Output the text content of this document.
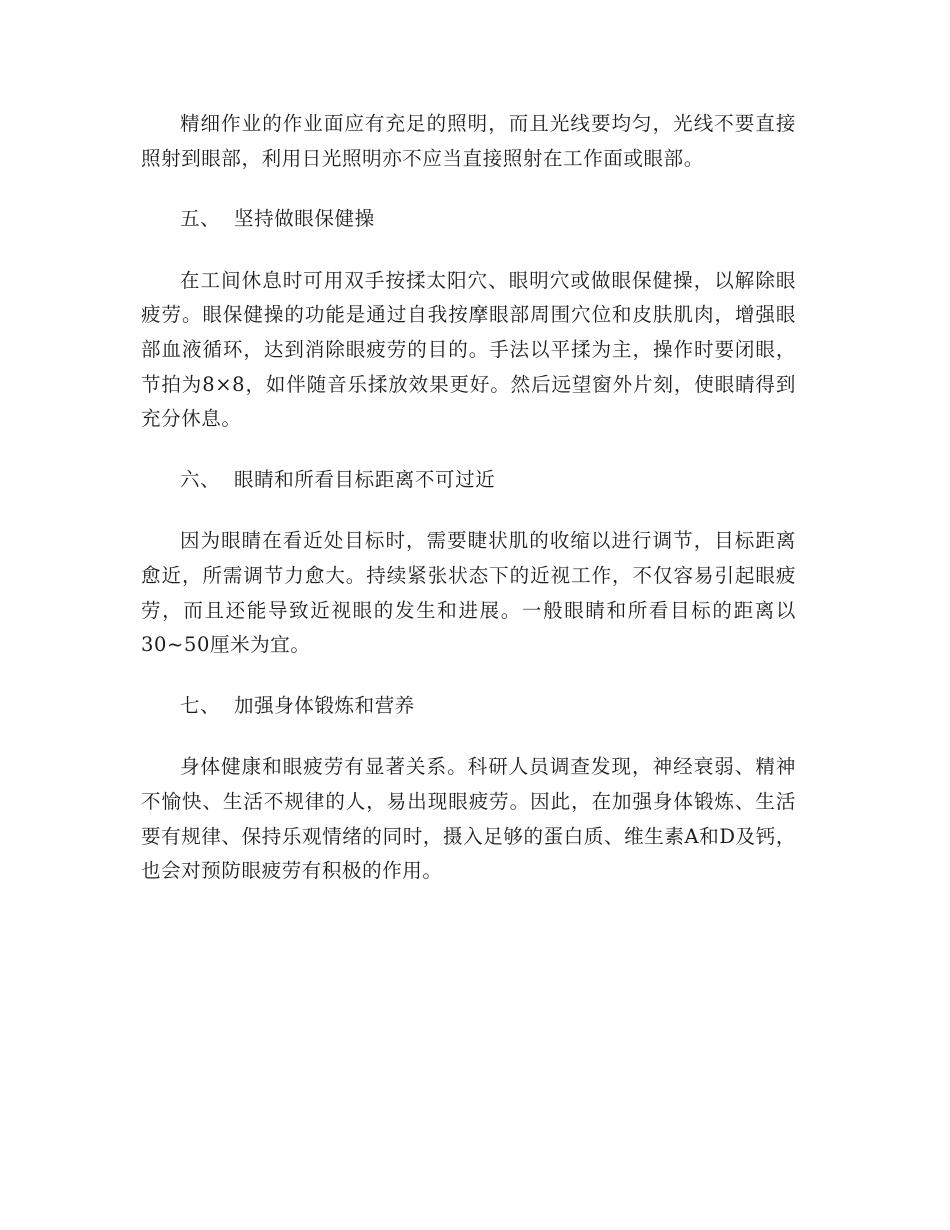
精细作业的作业面应有充足的照明，而且光线要均匀，光线不要直接照射到眼部，利用日光照明亦不应当直接照射在工作面或眼部。

五、 坚持做眼保健操

在工间休息时可用双手按揉太阳穴、眼明穴或做眼保健操，以解除眼疲劳。眼保健操的功能是通过自我按摩眼部周围穴位和皮肤肌肉，增强眼部血液循环，达到消除眼疲劳的目的。手法以平揉为主，操作时要闭眼，节拍为8×8，如伴随音乐揉放效果更好。然后远望窗外片刻，使眼睛得到充分休息。

六、 眼睛和所看目标距离不可过近

因为眼睛在看近处目标时，需要睫状肌的收缩以进行调节，目标距离愈近，所需调节力愈大。持续紧张状态下的近视工作，不仅容易引起眼疲劳，而且还能导致近视眼的发生和进展。一般眼睛和所看目标的距离以30~50厘米为宜。

七、 加强身体锻炼和营养

身体健康和眼疲劳有显著关系。科研人员调查发现，神经衰弱、精神不愉快、生活不规律的人，易出现眼疲劳。因此，在加强身体锻炼、生活要有规律、保持乐观情绪的同时，摄入足够的蛋白质、维生素A和D及钙，也会对预防眼疲劳有积极的作用。
